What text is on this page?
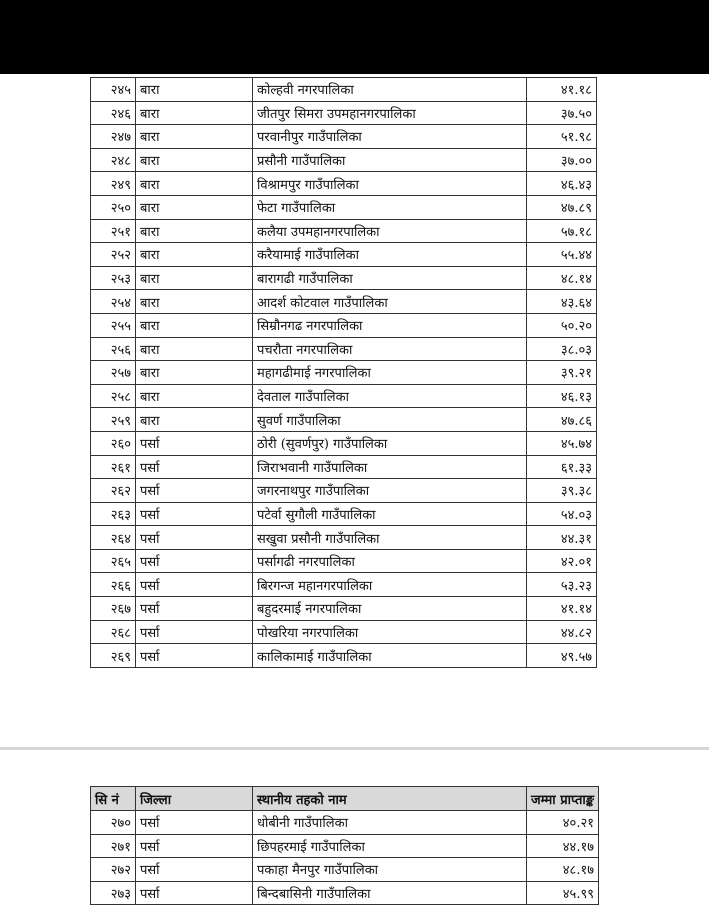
२४५	बारा	कोल्हवी नगरपालिका	४१.१८
२४६	बारा	जीतपुर सिमरा उपमहानगरपालिका	३७.५०
२४७	बारा	परवानीपुर गाउँपालिका	५१.९८
२४८	बारा	प्रसौनी गाउँपालिका	३७.००
२४९	बारा	विश्रामपुर गाउँपालिका	४६.४३
२५०	बारा	फेटा गाउँपालिका	४७.८९
२५१	बारा	कलैया उपमहानगरपालिका	५७.१८
२५२	बारा	करैयामाई गाउँपालिका	५५.४४
२५३	बारा	बारागढी गाउँपालिका	४८.१४
२५४	बारा	आदर्श कोटवाल गाउँपालिका	४३.६४
२५५	बारा	सिम्रौनगढ नगरपालिका	५०.२०
२५६	बारा	पचरौता नगरपालिका	३८.०३
२५७	बारा	महागढीमाई नगरपालिका	३९.२१
२५८	बारा	देवताल गाउँपालिका	४६.१३
२५९	बारा	सुवर्ण गाउँपालिका	४७.८६
२६०	पर्सा	ठोरी (सुवर्णपुर) गाउँपालिका	४५.७४
२६१	पर्सा	जिराभवानी गाउँपालिका	६१.३३
२६२	पर्सा	जगरनाथपुर गाउँपालिका	३९.३८
२६३	पर्सा	पटेर्वा सुगौली गाउँपालिका	५४.०३
२६४	पर्सा	सखुवा प्रसौनी गाउँपालिका	४४.३१
२६५	पर्सा	पर्सागढी नगरपालिका	४२.०१
२६६	पर्सा	बिरगन्ज महानगरपालिका	५३.२३
२६७	पर्सा	बहुदरमाई नगरपालिका	४१.१४
२६८	पर्सा	पोखरिया नगरपालिका	४४.८२
२६९	पर्सा	कालिकामाई गाउँपालिका	४९.५७
सि नं	जिल्ला	स्थानीय तहको नाम	जम्मा प्राप्ताङ्क
२७०	पर्सा	धोबीनी गाउँपालिका	४०.२१
२७१	पर्सा	छिपहरमाई गाउँपालिका	४४.१७
२७२	पर्सा	पकाहा मैनपुर गाउँपालिका	४८.१७
२७३	पर्सा	बिन्दबासिनी गाउँपालिका	४५.९९
